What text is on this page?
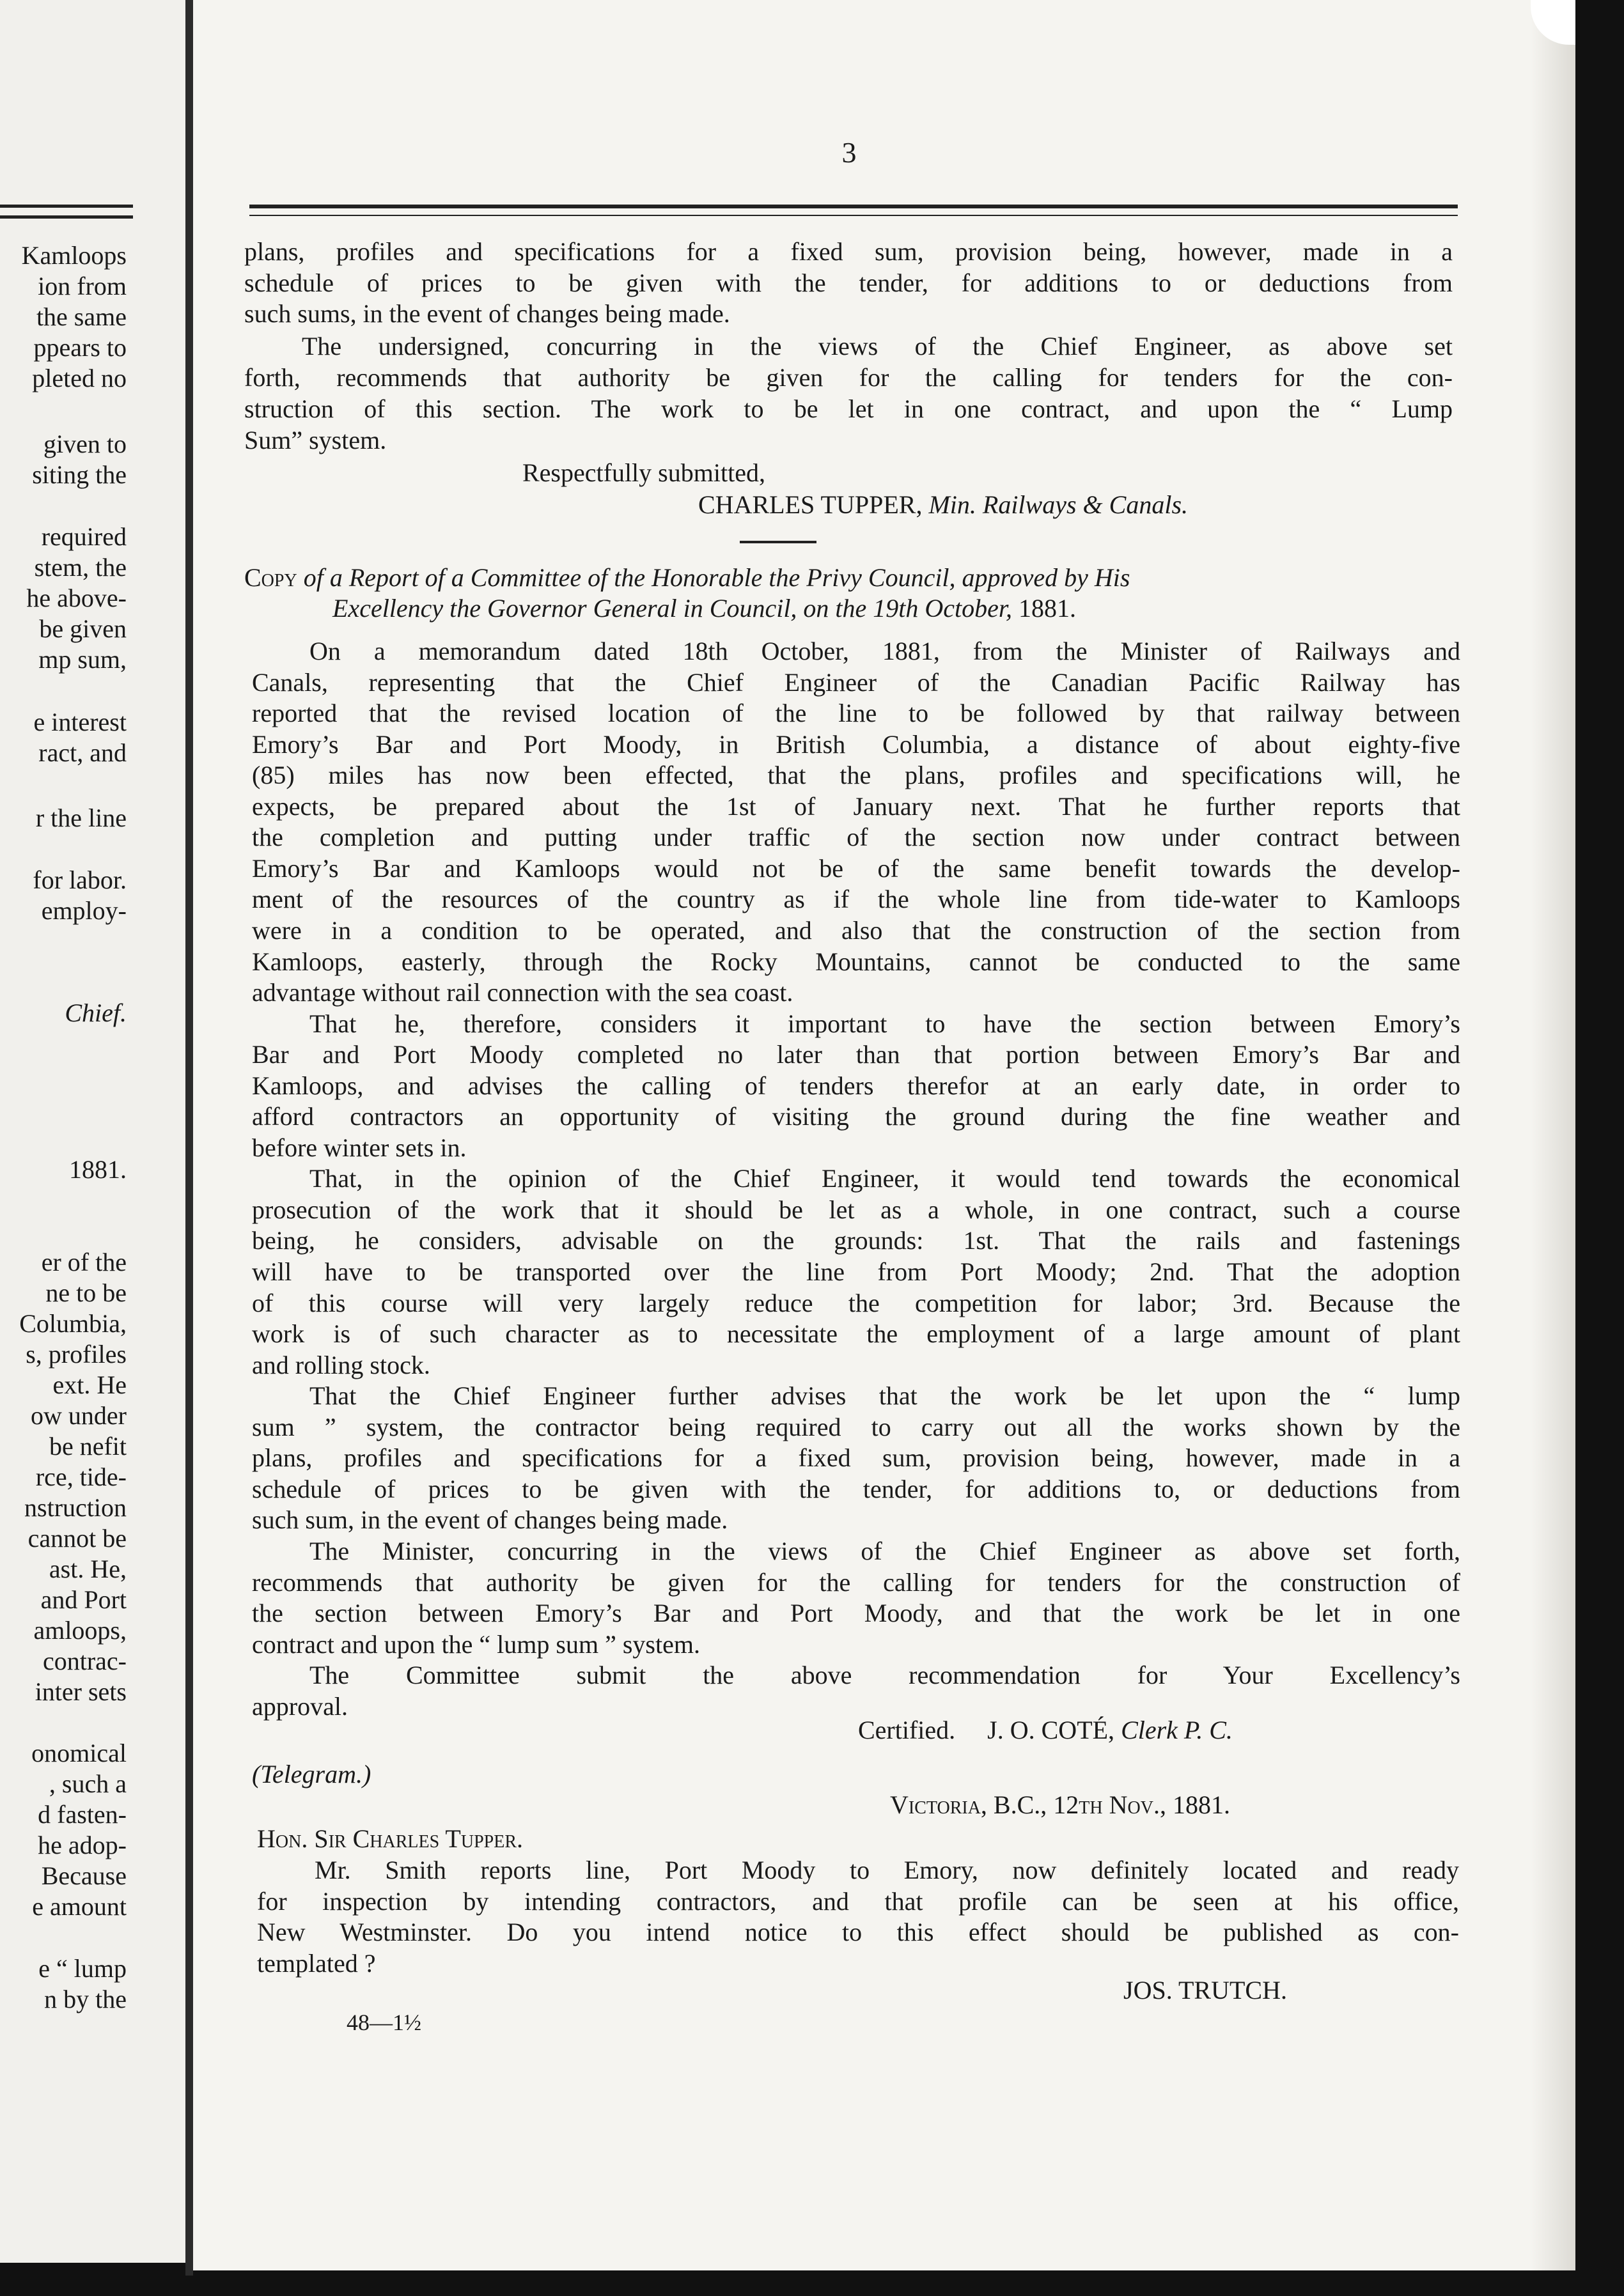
Kamloops
ion from
the same
ppears to
pleted no
given to
siting the
required
stem, the
he above-
be given
mp sum,
e interest
ract, and
r the line
for labor.
employ-
Chief.
1881.
er of the
ne to be
Columbia,
s, profiles
ext. He
ow under
be nefit
rce, tide-
nstruction
cannot be
ast. He,
and Port
amloops,
contrac-
inter sets
onomical
, such a
d fasten-
he adop-
Because
e amount
e “ lump
n by the
3
plans, profiles and specifications for a fixed sum, provision being, however, made in a
schedule of prices to be given with the tender, for additions to or deductions from
such sums, in the event of changes being made.
The undersigned, concurring in the views of the Chief Engineer, as above set
forth, recommends that authority be given for the calling for tenders for the con-
struction of this section. The work to be let in one contract, and upon the “ Lump
Sum” system.
Respectfully submitted,
CHARLES TUPPER, Min. Railways & Canals.
Copy of a Report of a Committee of the Honorable the Privy Council, approved by His
Excellency the Governor General in Council, on the 19th October, 1881.
On a memorandum dated 18th October, 1881, from the Minister of Railways and
Canals, representing that the Chief Engineer of the Canadian Pacific Railway has
reported that the revised location of the line to be followed by that railway between
Emory’s Bar and Port Moody, in British Columbia, a distance of about eighty-five
(85) miles has now been effected, that the plans, profiles and specifications will, he
expects, be prepared about the 1st of January next. That he further reports that
the completion and putting under traffic of the section now under contract between
Emory’s Bar and Kamloops would not be of the same benefit towards the develop-
ment of the resources of the country as if the whole line from tide-water to Kamloops
were in a condition to be operated, and also that the construction of the section from
Kamloops, easterly, through the Rocky Mountains, cannot be conducted to the same
advantage without rail connection with the sea coast.
That he, therefore, considers it important to have the section between Emory’s
Bar and Port Moody completed no later than that portion between Emory’s Bar and
Kamloops, and advises the calling of tenders therefor at an early date, in order to
afford contractors an opportunity of visiting the ground during the fine weather and
before winter sets in.
That, in the opinion of the Chief Engineer, it would tend towards the economical
prosecution of the work that it should be let as a whole, in one contract, such a course
being, he considers, advisable on the grounds: 1st. That the rails and fastenings
will have to be transported over the line from Port Moody; 2nd. That the adoption
of this course will very largely reduce the competition for labor; 3rd. Because the
work is of such character as to necessitate the employment of a large amount of plant
and rolling stock.
That the Chief Engineer further advises that the work be let upon the “ lump
sum ” system, the contractor being required to carry out all the works shown by the
plans, profiles and specifications for a fixed sum, provision being, however, made in a
schedule of prices to be given with the tender, for additions to, or deductions from
such sum, in the event of changes being made.
The Minister, concurring in the views of the Chief Engineer as above set forth,
recommends that authority be given for the calling for tenders for the construction of
the section between Emory’s Bar and Port Moody, and that the work be let in one
contract and upon the “ lump sum ” system.
The Committee submit the above recommendation for Your Excellency’s
approval.
Certified. J. O. COTÉ, Clerk P. C.
(Telegram.)
Victoria, B.C., 12th Nov., 1881.
Hon. Sir Charles Tupper.
Mr. Smith reports line, Port Moody to Emory, now definitely located and ready
for inspection by intending contractors, and that profile can be seen at his office,
New Westminster. Do you intend notice to this effect should be published as con-
templated ?
JOS. TRUTCH.
48—1½
